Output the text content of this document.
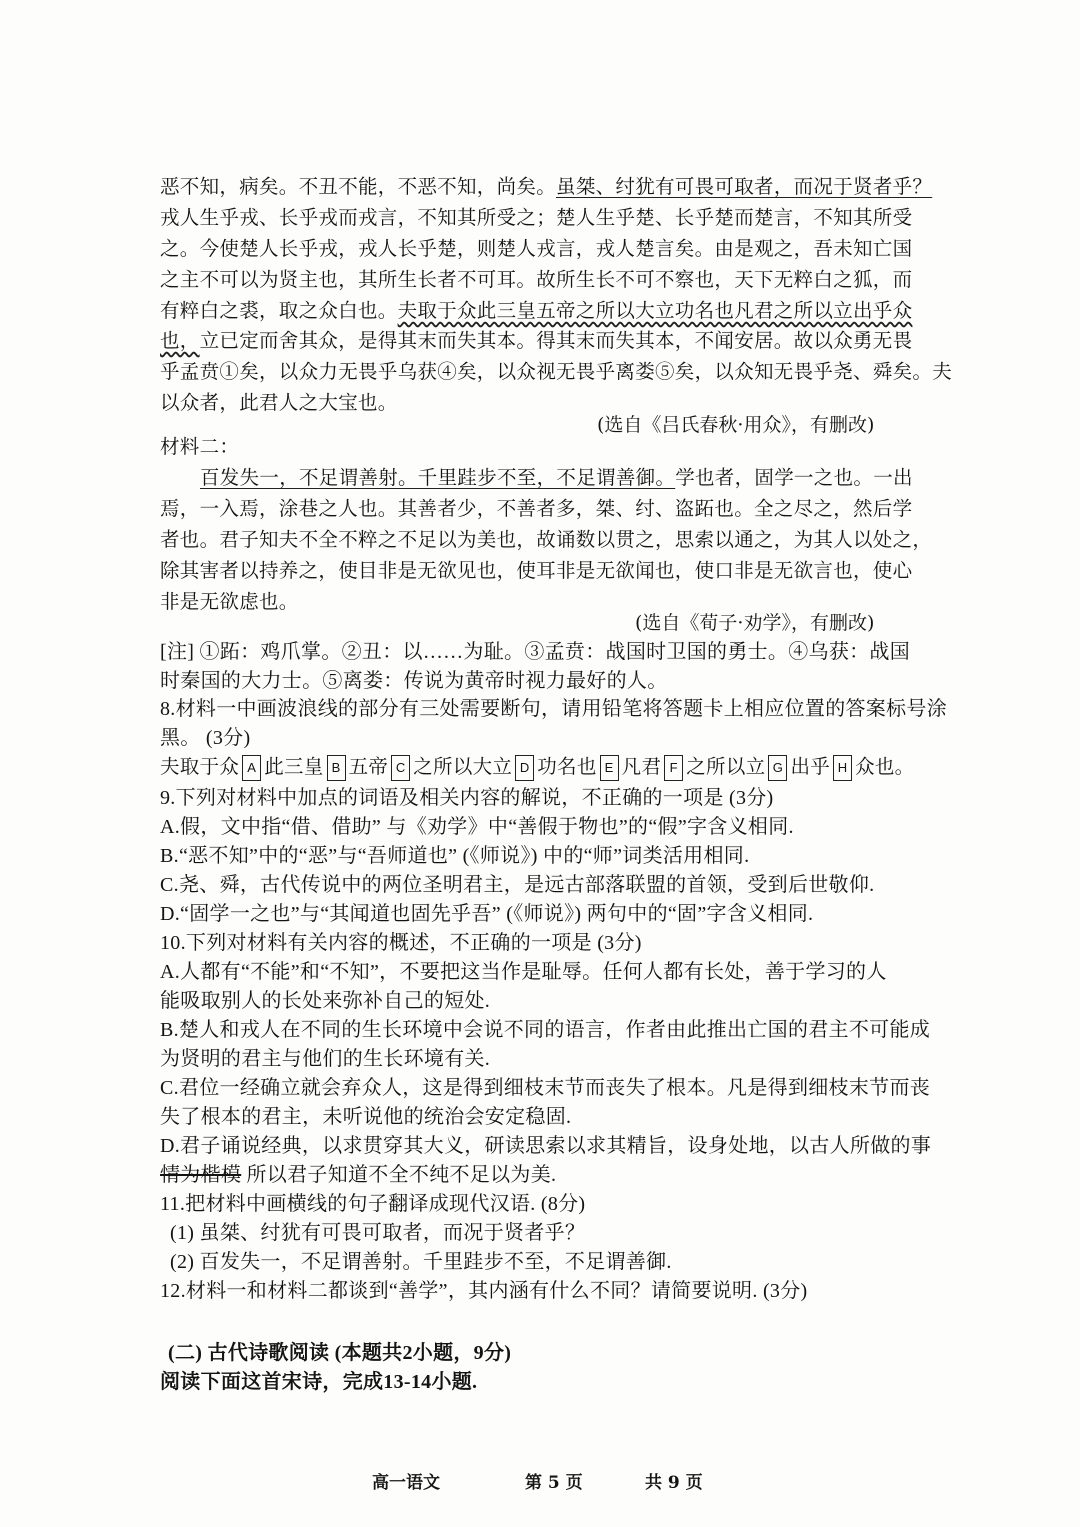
恶不知，病矣。不丑不能，不恶不知，尚矣。虽桀、纣犹有可畏可取者，而况于贤者乎？
戎人生乎戎、长乎戎而戎言，不知其所受之；楚人生乎楚、长乎楚而楚言，不知其所受
之。今使楚人长乎戎，戎人长乎楚，则楚人戎言，戎人楚言矣。由是观之，吾未知亡国
之主不可以为贤主也，其所生长者不可耳。故所生长不可不察也，天下无粹白之狐，而
有粹白之裘，取之众白也。夫取于众此三皇五帝之所以大立功名也凡君之所以立出乎众
也，立已定而舍其众，是得其末而失其本。得其末而失其本，不闻安居。故以众勇无畏
乎孟贲①矣，以众力无畏乎乌获④矣，以众视无畏乎离娄⑤矣，以众知无畏乎尧、舜矣。夫
以众者，此君人之大宝也。
(选自《吕氏春秋·用众》，有删改)
材料二：
百发失一，不足谓善射。千里跬步不至，不足谓善御。学也者，固学一之也。一出
焉，一入焉，涂巷之人也。其善者少，不善者多，桀、纣、盗跖也。全之尽之，然后学
者也。君子知夫不全不粹之不足以为美也，故诵数以贯之，思索以通之，为其人以处之，
除其害者以持养之，使目非是无欲见也，使耳非是无欲闻也，使口非是无欲言也，使心
非是无欲虑也。
(选自《荀子·劝学》，有删改)
[注] ①跖：鸡爪掌。②丑：以……为耻。③孟贲：战国时卫国的勇士。④乌获：战国
时秦国的大力士。⑤离娄：传说为黄帝时视力最好的人。
8.材料一中画波浪线的部分有三处需要断句，请用铅笔将答题卡上相应位置的答案标号涂
黑。 (3分)
夫取于众 A 此三皇 B 五帝 C 之所以大立 D 功名也 E 凡君 F 之所以立 G 出乎 H 众也。
9.下列对材料中加点的词语及相关内容的解说，不正确的一项是 (3分)
A.假，文中指“借、借助” 与《劝学》中“善假于物也”的“假”字含义相同.
B.“恶不知”中的“恶”与“吾师道也” (《师说》) 中的“师”词类活用相同.
C.尧、舜，古代传说中的两位圣明君主，是远古部落联盟的首领，受到后世敬仰.
D.“固学一之也”与“其闻道也固先乎吾” (《师说》) 两句中的“固”字含义相同.
10.下列对材料有关内容的概述，不正确的一项是 (3分)
A.人都有“不能”和“不知”，不要把这当作是耻辱。任何人都有长处，善于学习的人
能吸取别人的长处来弥补自己的短处.
B.楚人和戎人在不同的生长环境中会说不同的语言，作者由此推出亡国的君主不可能成
为贤明的君主与他们的生长环境有关.
C.君位一经确立就会弃众人，这是得到细枝末节而丧失了根本。凡是得到细枝末节而丧
失了根本的君主，未听说他的统治会安定稳固.
D.君子诵说经典，以求贯穿其大义，研读思索以求其精旨，设身处地，以古人所做的事
情为楷模 所以君子知道不全不纯不足以为美.
11.把材料中画横线的句子翻译成现代汉语. (8分)
(1) 虽桀、纣犹有可畏可取者，而况于贤者乎？
(2) 百发失一，不足谓善射。千里跬步不至，不足谓善御.
12.材料一和材料二都谈到“善学”，其内涵有什么不同？请简要说明. (3分)
(二) 古代诗歌阅读 (本题共2小题，9分)
阅读下面这首宋诗，完成13-14小题.
高一语文	第 5 页	共 9 页
